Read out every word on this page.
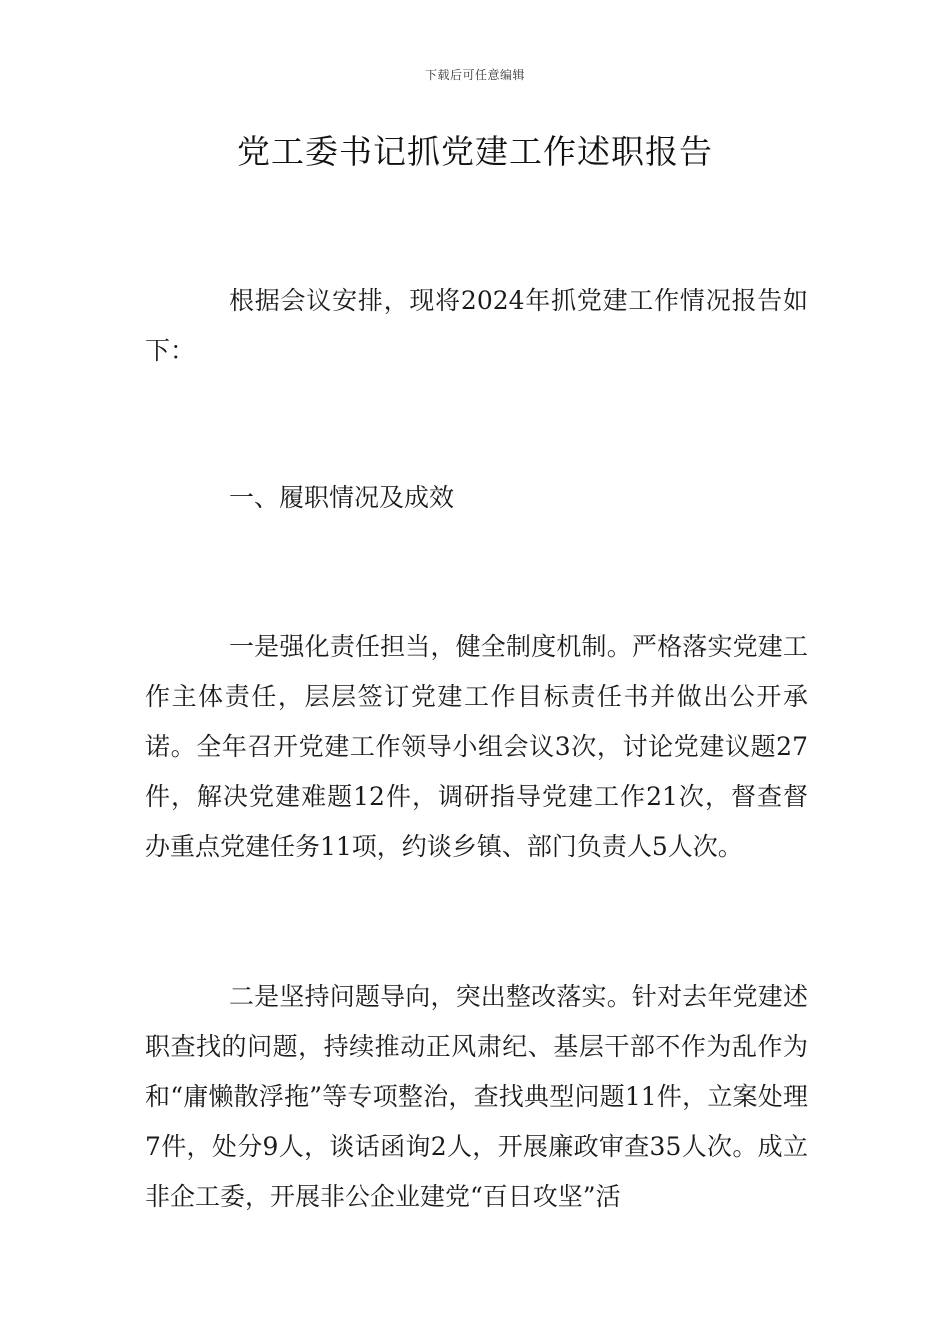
下载后可任意编辑
党工委书记抓党建工作述职报告

根据会议安排，现将2024年抓党建工作情况报告如下：

一、履职情况及成效

一是强化责任担当，健全制度机制。严格落实党建工作主体责任，层层签订党建工作目标责任书并做出公开承诺。全年召开党建工作领导小组会议3次，讨论党建议题27件，解决党建难题12件，调研指导党建工作21次，督查督办重点党建任务11项，约谈乡镇、部门负责人5人次。

二是坚持问题导向，突出整改落实。针对去年党建述职查找的问题，持续推动正风肃纪、基层干部不作为乱作为和“庸懒散浮拖”等专项整治，查找典型问题11件，立案处理7件，处分9人，谈话函询2人，开展廉政审查35人次。成立非企工委，开展非公企业建党“百日攻坚”活
